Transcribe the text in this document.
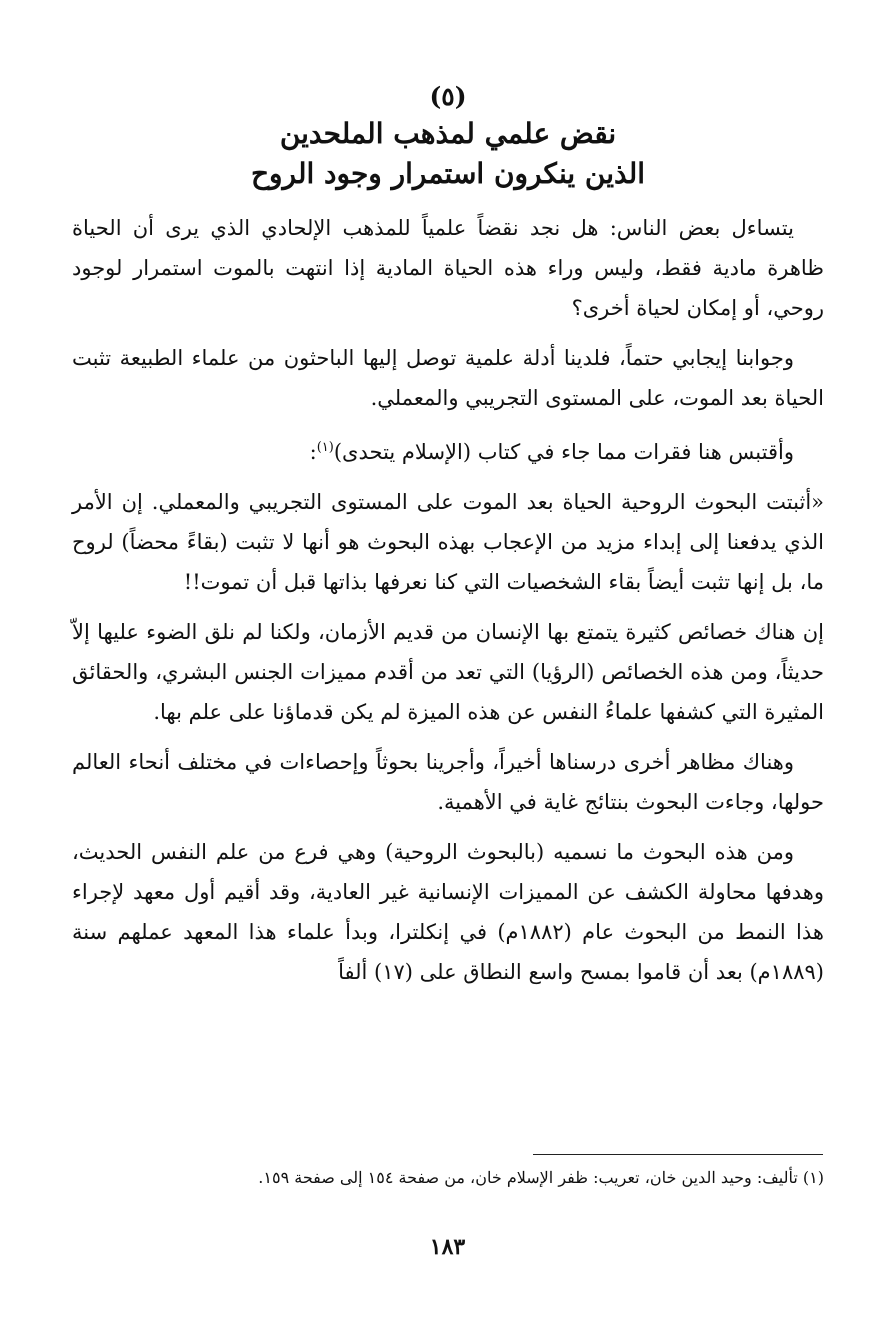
(٥)

نقض علمي لمذهب الملحدين
الذين ينكرون استمرار وجود الروح

يتساءل بعض الناس: هل نجد نقضاً علمياً للمذهب الإلحادي الذي يرى أن الحياة ظاهرة مادية فقط، وليس وراء هذه الحياة المادية إذا انتهت بالموت استمرار لوجود روحي، أو إمكان لحياة أخرى؟

وجوابنا إيجابي حتماً، فلدينا أدلة علمية توصل إليها الباحثون من علماء الطبيعة تثبت الحياة بعد الموت، على المستوى التجريبي والمعملي.

وأقتبس هنا فقرات مما جاء في كتاب (الإسلام يتحدى)$^{(١)}$:

«أثبتت البحوث الروحية الحياة بعد الموت على المستوى التجريبي والمعملي. إن الأمر الذي يدفعنا إلى إبداء مزيد من الإعجاب بهذه البحوث هو أنها لا تثبت (بقاءً محضاً) لروح ما، بل إنها تثبت أيضاً بقاء الشخصيات التي كنا نعرفها بذاتها قبل أن تموت!!

إن هناك خصائص كثيرة يتمتع بها الإنسان من قديم الأزمان، ولكنا لم نلق الضوء عليها إلاّ حديثاً، ومن هذه الخصائص (الرؤيا) التي تعد من أقدم مميزات الجنس البشري، والحقائق المثيرة التي كشفها علماءُ النفس عن هذه الميزة لم يكن قدماؤنا على علم بها.

وهناك مظاهر أخرى درسناها أخيراً، وأجرينا بحوثاً وإحصاءات في مختلف أنحاء العالم حولها، وجاءت البحوث بنتائج غاية في الأهمية.

ومن هذه البحوث ما نسميه (بالبحوث الروحية) وهي فرع من علم النفس الحديث، وهدفها محاولة الكشف عن المميزات الإنسانية غير العادية، وقد أقيم أول معهد لإجراء هذا النمط من البحوث عام (١٨٨٢م) في إنكلترا، وبدأ علماء هذا المعهد عملهم سنة (١٨٨٩م) بعد أن قاموا بمسح واسع النطاق على (١٧) ألفاً

(١) تأليف: وحيد الدين خان، تعريب: ظفر الإسلام خان، من صفحة ١٥٤ إلى صفحة ١٥٩.

١٨٣
